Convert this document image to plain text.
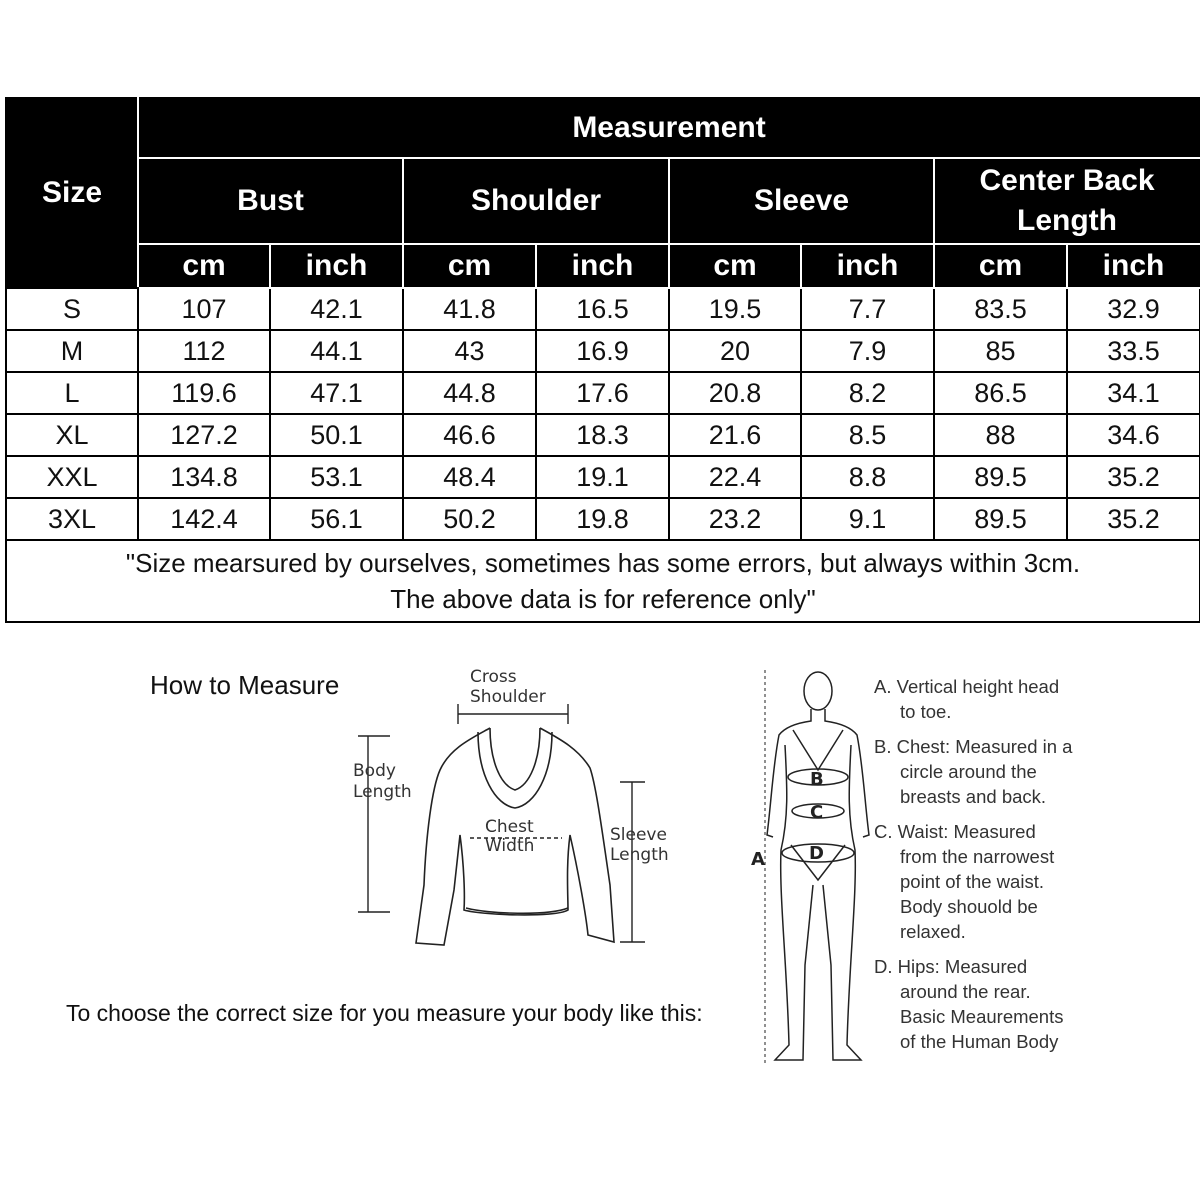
Size	Measurement							
	Bust		Shoulder		Sleeve		Center Back Length	
	cm	inch	cm	inch	cm	inch	cm	inch
S	107	42.1	41.8	16.5	19.5	7.7	83.5	32.9
M	112	44.1	43	16.9	20	7.9	85	33.5
L	119.6	47.1	44.8	17.6	20.8	8.2	86.5	34.1
XL	127.2	50.1	46.6	18.3	21.6	8.5	88	34.6
XXL	134.8	53.1	48.4	19.1	22.4	8.8	89.5	35.2
3XL	142.4	56.1	50.2	19.8	23.2	9.1	89.5	35.2

"Size mearsured by ourselves, sometimes has some errors, but always within 3cm.
The above data is for reference only"								
How to Measure	Cross
Shoulder
Body
Length
Chest
Width
Sleeve
Length
To choose the correct size for you measure your body like this:
B
C
D
A
A. Vertical height head
to toe.
B. Chest: Measured in a
circle around the
breasts and back.
C. Waist: Measured
from the narrowest
point of the waist.
Body shouold be
relaxed.
D. Hips: Measured
around the rear.
Basic Meaurements
of the Human Body
